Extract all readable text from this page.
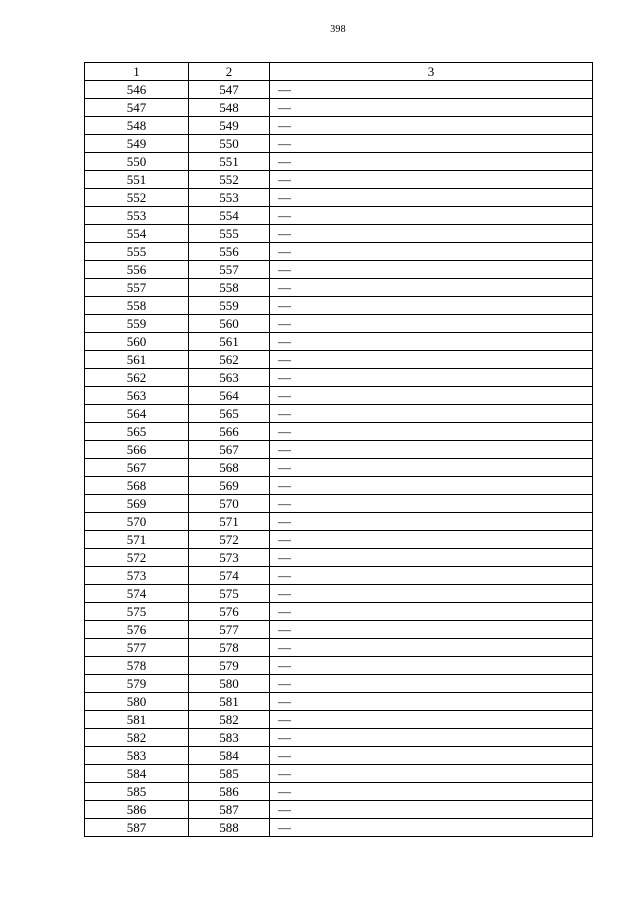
398
1	2	3
546	547	—
547	548	—
548	549	—
549	550	—
550	551	—
551	552	—
552	553	—
553	554	—
554	555	—
555	556	—
556	557	—
557	558	—
558	559	—
559	560	—
560	561	—
561	562	—
562	563	—
563	564	—
564	565	—
565	566	—
566	567	—
567	568	—
568	569	—
569	570	—
570	571	—
571	572	—
572	573	—
573	574	—
574	575	—
575	576	—
576	577	—
577	578	—
578	579	—
579	580	—
580	581	—
581	582	—
582	583	—
583	584	—
584	585	—
585	586	—
586	587	—
587	588	—
